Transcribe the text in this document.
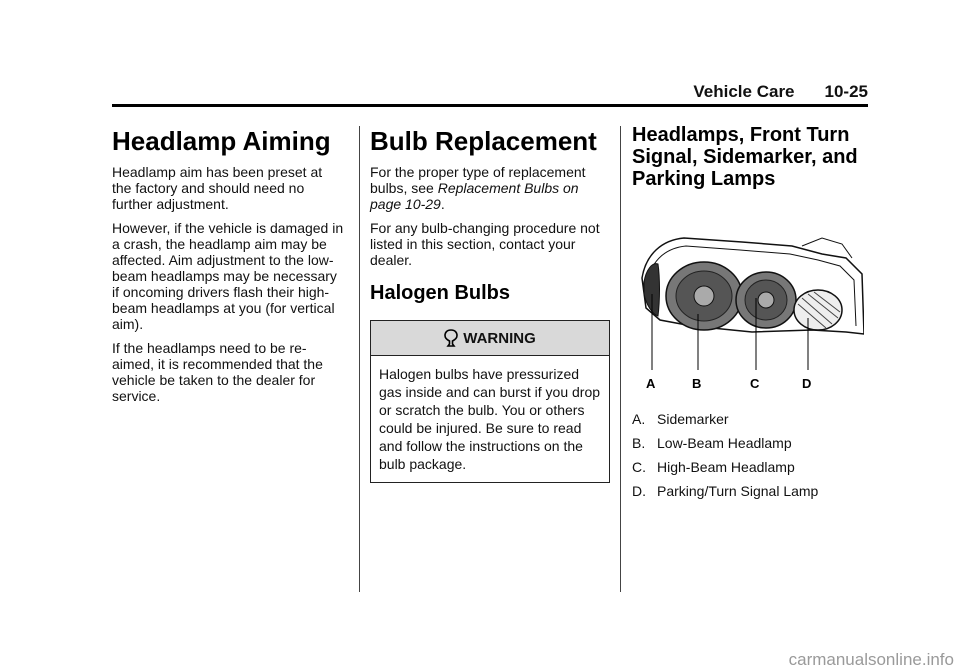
Vehicle Care 10-25
Headlamp Aiming

Headlamp aim has been preset at the factory and should need no further adjustment.

However, if the vehicle is damaged in a crash, the headlamp aim may be affected. Aim adjustment to the low-beam headlamps may be necessary if oncoming drivers flash their high-beam headlamps at you (for vertical aim).

If the headlamps need to be re-aimed, it is recommended that the vehicle be taken to the dealer for service.

Bulb Replacement

For the proper type of replacement bulbs, see Replacement Bulbs on page 10-29.

For any bulb-changing procedure not listed in this section, contact your dealer.

Halogen Bulbs
WARNING
Halogen bulbs have pressurized gas inside and can burst if you drop or scratch the bulb. You or others could be injured. Be sure to read and follow the instructions on the bulb package.
Headlamps, Front Turn
Signal, Sidemarker, and
Parking Lamps
A	B	C	D
A. Sidemarker
B. Low-Beam Headlamp
C. High-Beam Headlamp
D. Parking/Turn Signal Lamp
carmanualsonline.info
